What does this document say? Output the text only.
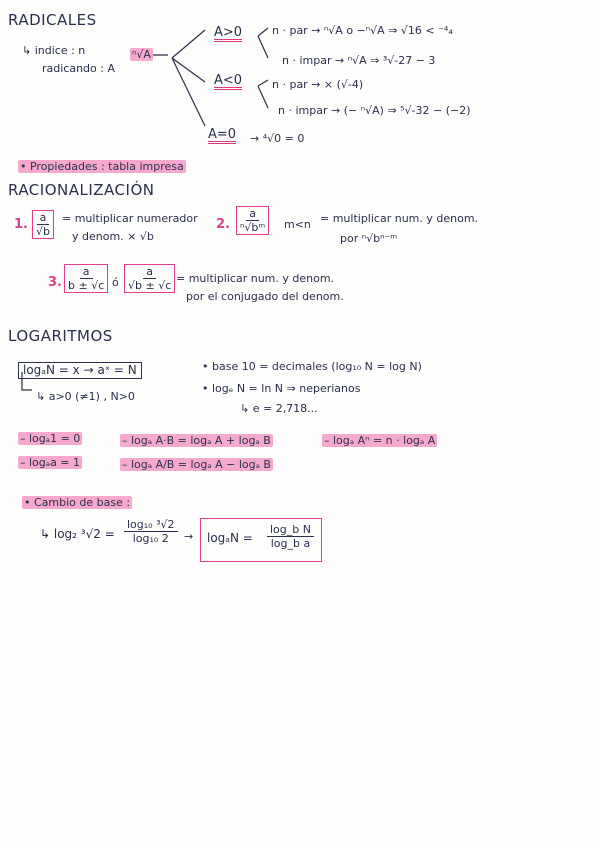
RADICALES
↳ indice : n
radicando : A
ⁿ√A
A>0	n · par → ⁿ√A o −ⁿ√A ⇒ √16 < ⁻⁴₄
n · impar → ⁿ√A ⇒ ³√-27 − 3
A<0	n · par → × (√-4)
n · impar → (− ⁿ√A) ⇒ ⁵√-32 − (−2)
A=0 → ⁴√0 = 0
• Propiedades : tabla impresa
RACIONALIZACIÓN
1. $\frac{a}{√b}$ = multiplicar numerador
y denom. × √b
2. $\frac{a}{\text{ⁿ√bᵐ}} m<n$ = multiplicar num. y denom.
por ⁿ√bⁿ⁻ᵐ
3. $\frac{a}{b \pm √c}$ ó $\frac{a}{√b \pm √c}$ = multiplicar num. y denom.
por el conjugado del denom.
LOGARITMOS
logₐN = x → aˣ = N
↳ a>0 (≠1) , N>0
• base 10 = decimales (log₁₀ N = log N)
• logₑ N = ln N ⇒ neperianos
↳ e = 2,718...
– logₐ1 = 0
– logₐa = 1
– logₐ A·B = logₐ A + logₐ B
– logₐ A/B = logₐ A − logₐ B
– logₐ Aⁿ = n · logₐ A
• Cambio de base :
↳ log₂ $^3√2 = \frac{\text{log₁₀ ³√2}}{\text{log₁₀ 2}} \to \log_aN = \frac{\text{log\_b N}}{\text{log\_b a}}$
